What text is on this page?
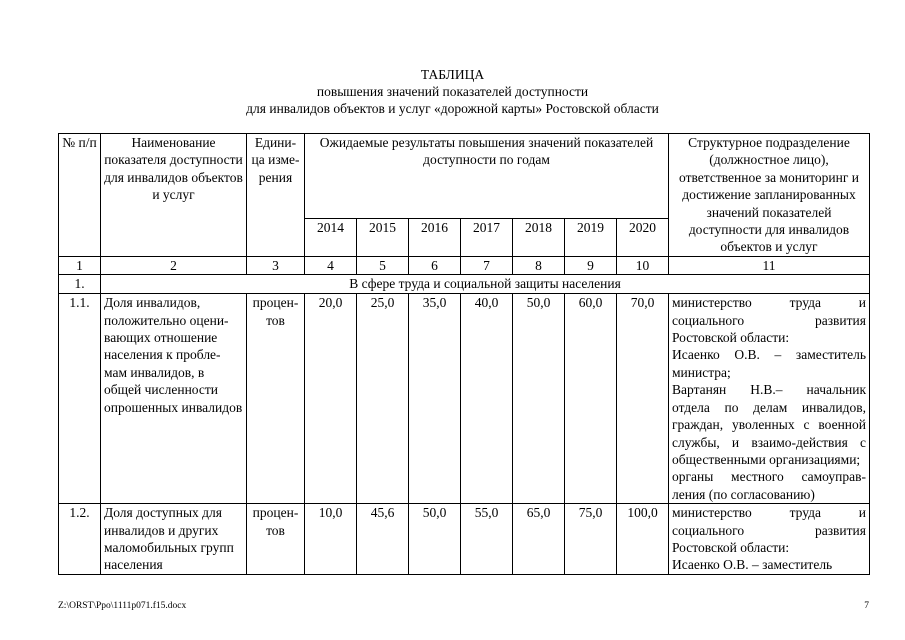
ТАБЛИЦА
повышения значений показателей доступности
для инвалидов объектов и услуг «дорожной карты» Ростовской области
№ п/п	Наименование показателя доступности для инвалидов объектов и услуг	Едини-ца изме-рения	Ожидаемые результаты повышения значений показателей доступности по годам							Структурное подразделение (должностное лицо), ответственное за мониторинг и достижение запланированных значений показателей доступности для инвалидов объектов и услуг
			2014	2015	2016	2017	2018	2019	2020	
1	2	3	4	5	6	7	8	9	10	11
1.	В сфере труда и социальной защиты населения									
1.1.	Доля инвалидов, положительно оцени-вающих отношение населения к пробле-мам инвалидов, в общей численности опрошенных инвалидов	процен-тов	20,0	25,0	35,0	40,0	50,0	60,0	70,0	министерство труда и социального развития Ростовской области:
Исаенко О.В. – заместитель министра;
Вартанян Н.В.– начальник отдела по делам инвалидов, граждан, уволенных с военной службы, и взаимо-действия с общественными организациями;
органы местного самоуправ-ления (по согласованию)

1.2.	Доля доступных для инвалидов и других маломобильных групп населения	процен-тов	10,0	45,6	50,0	55,0	65,0	75,0	100,0	министерство труда и социального развития Ростовской области:
Исаенко О.В. – заместитель
Z:\ORST\Ppo\1111p071.f15.docx	7
